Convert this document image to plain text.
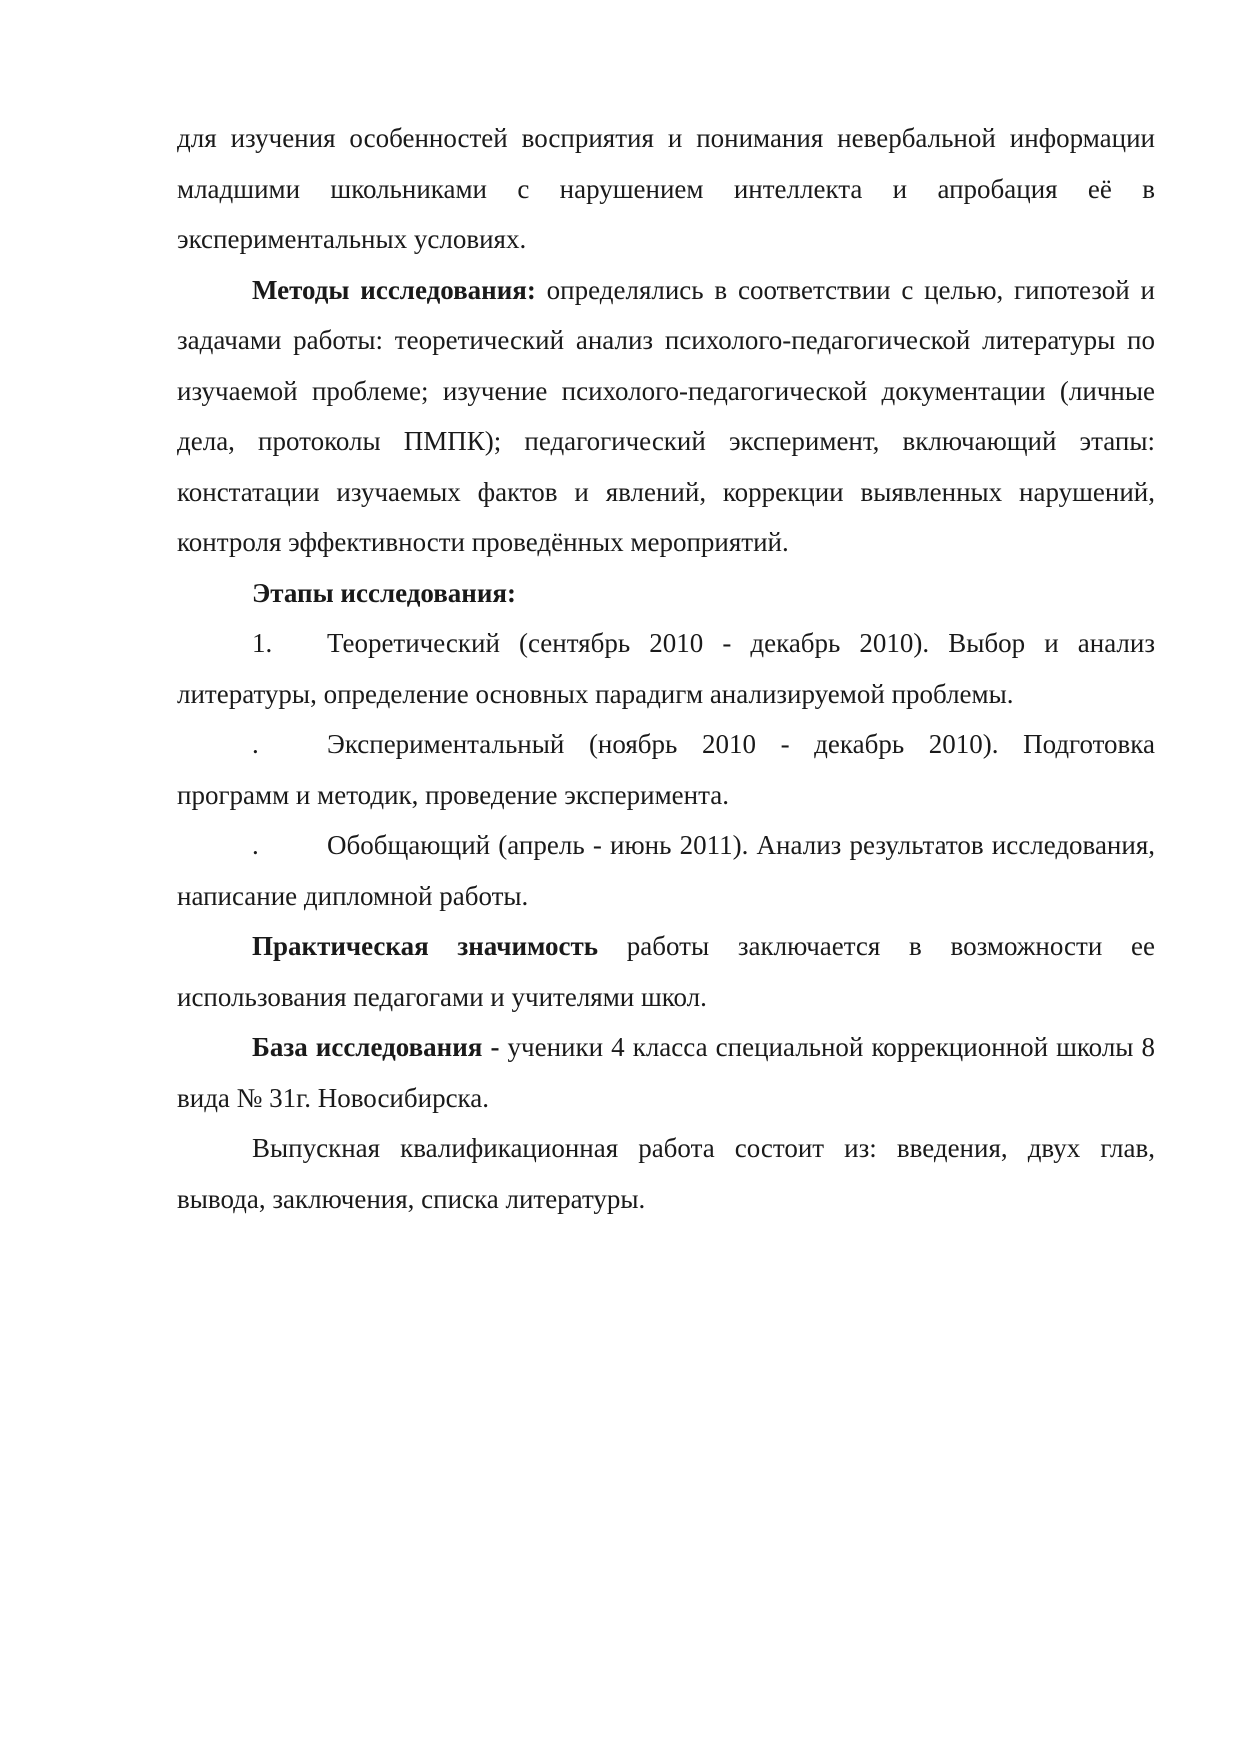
для изучения особенностей восприятия и понимания невербальной информации младшими школьниками с нарушением интеллекта и апробация её в экспериментальных условиях.

Методы исследования: определялись в соответствии с целью, гипотезой и задачами работы: теоретический анализ психолого-педагогической литературы по изучаемой проблеме; изучение психолого-педагогической документации (личные дела, протоколы ПМПК); педагогический эксперимент, включающий этапы: констатации изучаемых фактов и явлений, коррекции выявленных нарушений, контроля эффективности проведённых мероприятий.

Этапы исследования:

1. Теоретический (сентябрь 2010 - декабрь 2010). Выбор и анализ литературы, определение основных парадигм анализируемой проблемы.

.	Экспериментальный (ноябрь 2010 - декабрь 2010). Подготовка программ и методик, проведение эксперимента.

.	Обобщающий (апрель - июнь 2011). Анализ результатов исследования, написание дипломной работы.

Практическая значимость работы заключается в возможности ее использования педагогами и учителями школ.

База исследования - ученики 4 класса специальной коррекционной школы 8 вида № 31г. Новосибирска.

Выпускная квалификационная работа состоит из: введения, двух глав, вывода, заключения, списка литературы.
